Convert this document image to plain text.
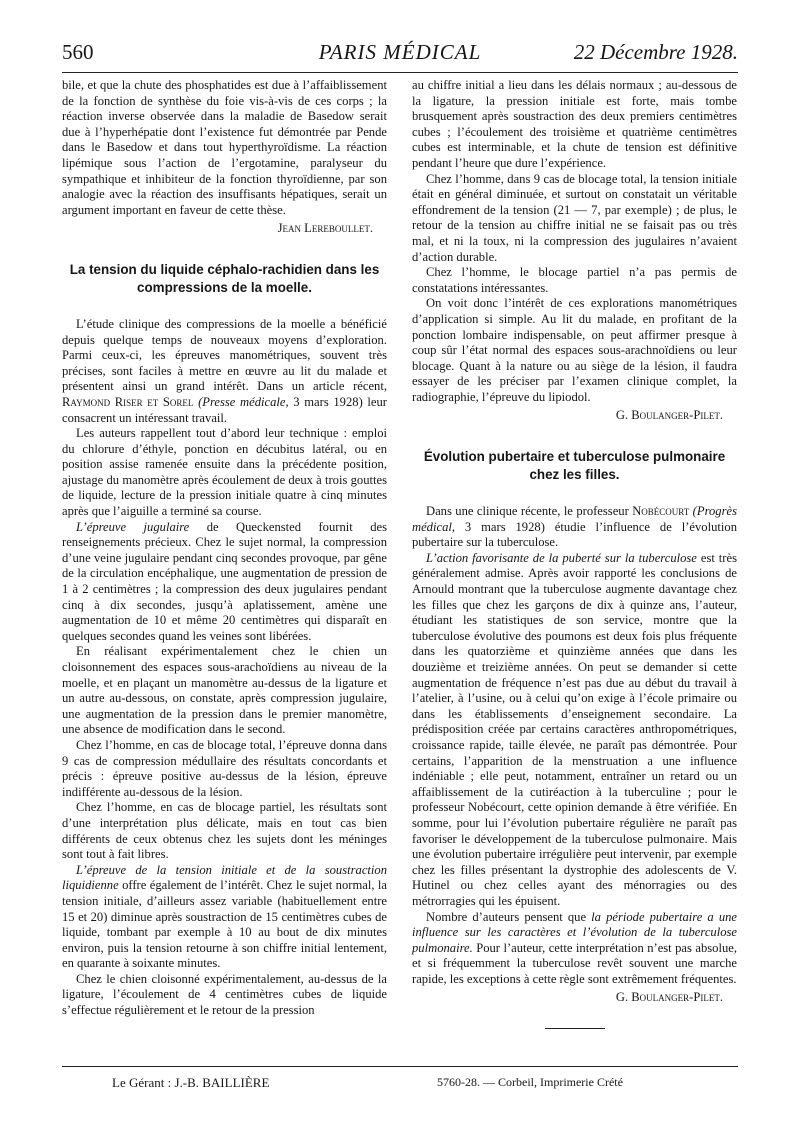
560	PARIS MÉDICAL	22 Décembre 1928.

bile, et que la chute des phosphatides est due à l’affaiblissement de la fonction de synthèse du foie vis-à-vis de ces corps ; la réaction inverse observée dans la maladie de Basedow serait due à l’hyperhépatie dont l’existence fut démontrée par Pende dans le Basedow et dans tout hyperthyroïdisme. La réaction lipémique sous l’action de l’ergotamine, paralyseur du sympathique et inhibiteur de la fonction thyroïdienne, par son analogie avec la réaction des insuffisants hépatiques, serait un argument important en faveur de cette thèse.

Jean Lereboullet.
La tension du liquide céphalo-rachidien dans les compressions de la moelle.

L’étude clinique des compressions de la moelle a bénéficié depuis quelque temps de nouveaux moyens d’exploration. Parmi ceux-ci, les épreuves manométriques, souvent très précises, sont faciles à mettre en œuvre au lit du malade et présentent ainsi un grand intérêt. Dans un article récent, Raymond Riser et Sorel (Presse médicale, 3 mars 1928) leur consacrent un intéressant travail.

Les auteurs rappellent tout d’abord leur technique : emploi du chlorure d’éthyle, ponction en décubitus latéral, ou en position assise ramenée ensuite dans la précédente position, ajustage du manomètre après écoulement de deux à trois gouttes de liquide, lecture de la pression initiale quatre à cinq minutes après que l’aiguille a terminé sa course.

L’épreuve jugulaire de Queckensted fournit des renseignements précieux. Chez le sujet normal, la compression d’une veine jugulaire pendant cinq secondes provoque, par gêne de la circulation encéphalique, une augmentation de pression de 1 à 2 centimètres ; la compression des deux jugulaires pendant cinq à dix secondes, jusqu’à aplatissement, amène une augmentation de 10 et même 20 centimètres qui disparaît en quelques secondes quand les veines sont libérées.

En réalisant expérimentalement chez le chien un cloisonnement des espaces sous-arachoïdiens au niveau de la moelle, et en plaçant un manomètre au-dessus de la ligature et un autre au-dessous, on constate, après compression jugulaire, une augmentation de la pression dans le premier manomètre, une absence de modification dans le second.

Chez l’homme, en cas de blocage total, l’épreuve donna dans 9 cas de compression médullaire des résultats concordants et précis : épreuve positive au-dessus de la lésion, épreuve indifférente au-dessous de la lésion.

Chez l’homme, en cas de blocage partiel, les résultats sont d’une interprétation plus délicate, mais en tout cas bien différents de ceux obtenus chez les sujets dont les méninges sont tout à fait libres.

L’épreuve de la tension initiale et de la soustraction liquidienne offre également de l’intérêt. Chez le sujet normal, la tension initiale, d’ailleurs assez variable (habituellement entre 15 et 20) diminue après soustraction de 15 centimètres cubes de liquide, tombant par exemple à 10 au bout de dix minutes environ, puis la tension retourne à son chiffre initial lentement, en quarante à soixante minutes.

Chez le chien cloisonné expérimentalement, au-dessus de la ligature, l’écoulement de 4 centimètres cubes de liquide s’effectue régulièrement et le retour de la pression

au chiffre initial a lieu dans les délais normaux ; au-dessous de la ligature, la pression initiale est forte, mais tombe brusquement après soustraction des deux premiers centimètres cubes ; l’écoulement des troisième et quatrième centimètres cubes est interminable, et la chute de tension est définitive pendant l’heure que dure l’expérience.

Chez l’homme, dans 9 cas de blocage total, la tension initiale était en général diminuée, et surtout on constatait un véritable effondrement de la tension (21 — 7, par exemple) ; de plus, le retour de la tension au chiffre initial ne se faisait pas ou très mal, et ni la toux, ni la compression des jugulaires n’avaient d’action durable.

Chez l’homme, le blocage partiel n’a pas permis de constatations intéressantes.

On voit donc l’intérêt de ces explorations manométriques d’application si simple. Au lit du malade, en profitant de la ponction lombaire indispensable, on peut affirmer presque à coup sûr l’état normal des espaces sous-arachnoïdiens ou leur blocage. Quant à la nature ou au siège de la lésion, il faudra essayer de les préciser par l’examen clinique complet, la radiographie, l’épreuve du lipiodol.

G. Boulanger-Pilet.
Évolution pubertaire et tuberculose pulmonaire chez les filles.

Dans une clinique récente, le professeur Nobécourt (Progrès médical, 3 mars 1928) étudie l’influence de l’évolution pubertaire sur la tuberculose.

L’action favorisante de la puberté sur la tuberculose est très généralement admise. Après avoir rapporté les conclusions de Arnould montrant que la tuberculose augmente davantage chez les filles que chez les garçons de dix à quinze ans, l’auteur, étudiant les statistiques de son service, montre que la tuberculose évolutive des poumons est deux fois plus fréquente dans les quatorzième et quinzième années que dans les douzième et treizième années. On peut se demander si cette augmentation de fréquence n’est pas due au début du travail à l’atelier, à l’usine, ou à celui qu’on exige à l’école primaire ou dans les établissements d’enseignement secondaire. La prédisposition créée par certains caractères anthropométriques, croissance rapide, taille élevée, ne paraît pas démontrée. Pour certains, l’apparition de la menstruation a une influence indéniable ; elle peut, notamment, entraîner un retard ou un affaiblissement de la cutiréaction à la tuberculine ; pour le professeur Nobécourt, cette opinion demande à être vérifiée. En somme, pour lui l’évolution pubertaire régulière ne paraît pas favoriser le développement de la tuberculose pulmonaire. Mais une évolution pubertaire irrégulière peut intervenir, par exemple chez les filles présentant la dystrophie des adolescents de V. Hutinel ou chez celles ayant des ménorragies ou des métrorragies qui les épuisent.

Nombre d’auteurs pensent que la période pubertaire a une influence sur les caractères et l’évolution de la tuberculose pulmonaire. Pour l’auteur, cette interprétation n’est pas absolue, et si fréquemment la tuberculose revêt souvent une marche rapide, les exceptions à cette règle sont extrêmement fréquentes.

G. Boulanger-Pilet.
Le Gérant : J.-B. BAILLIÈRE	5760-28. — Corbeil, Imprimerie Crété
